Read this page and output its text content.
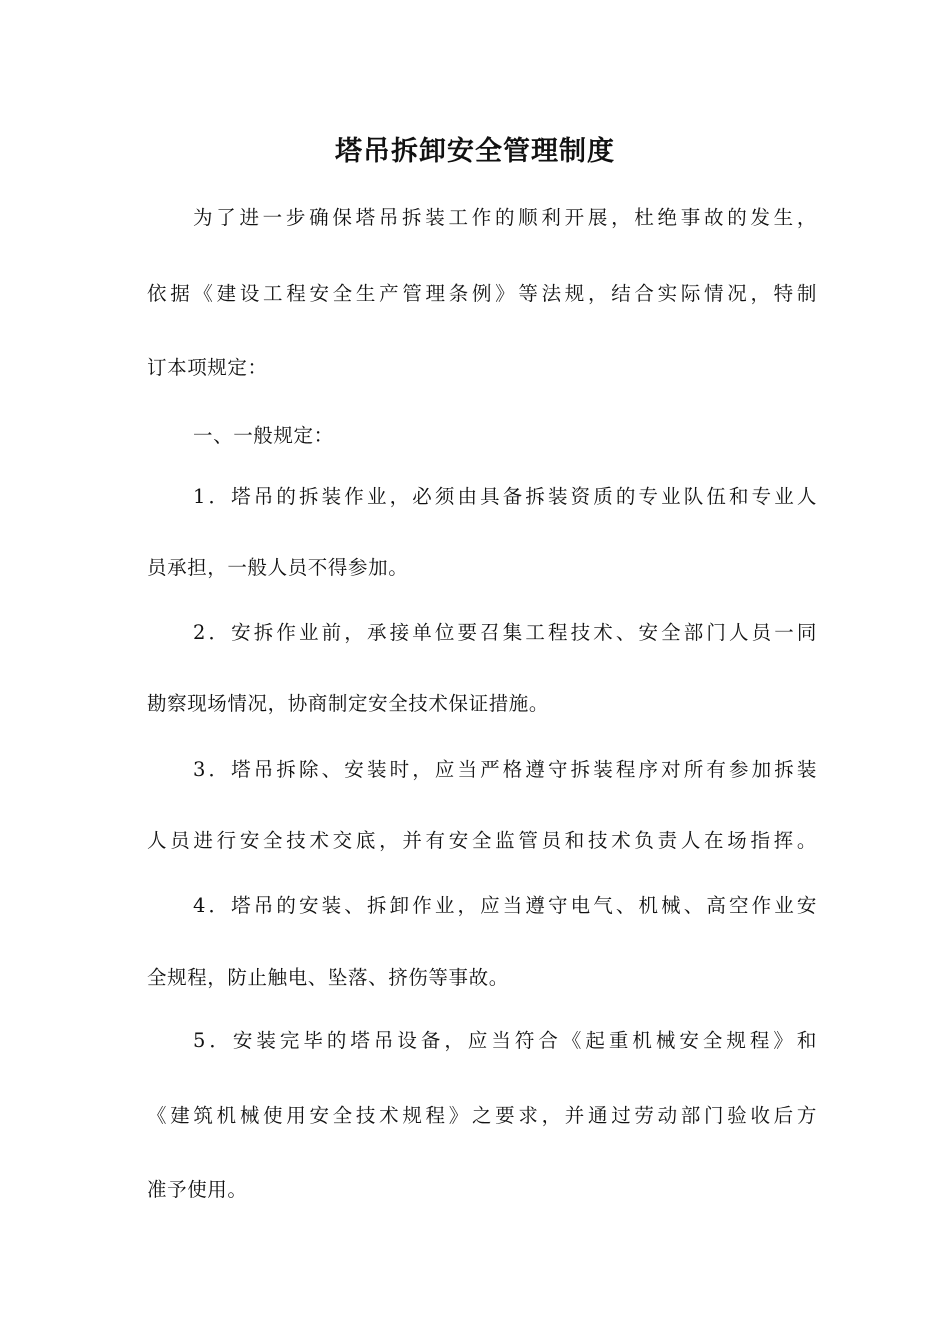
塔吊拆卸安全管理制度
为了进一步确保塔吊拆装工作的顺利开展，杜绝事故的发生，
依据《建设工程安全生产管理条例》等法规，结合实际情况，特制
订本项规定：
一、一般规定：
1．塔吊的拆装作业，必须由具备拆装资质的专业队伍和专业人
员承担，一般人员不得参加。
2．安拆作业前，承接单位要召集工程技术、安全部门人员一同
勘察现场情况，协商制定安全技术保证措施。
3．塔吊拆除、安装时，应当严格遵守拆装程序对所有参加拆装
人员进行安全技术交底，并有安全监管员和技术负责人在场指挥。
4．塔吊的安装、拆卸作业，应当遵守电气、机械、高空作业安
全规程，防止触电、坠落、挤伤等事故。
5．安装完毕的塔吊设备，应当符合《起重机械安全规程》和
《建筑机械使用安全技术规程》之要求，并通过劳动部门验收后方
准予使用。
